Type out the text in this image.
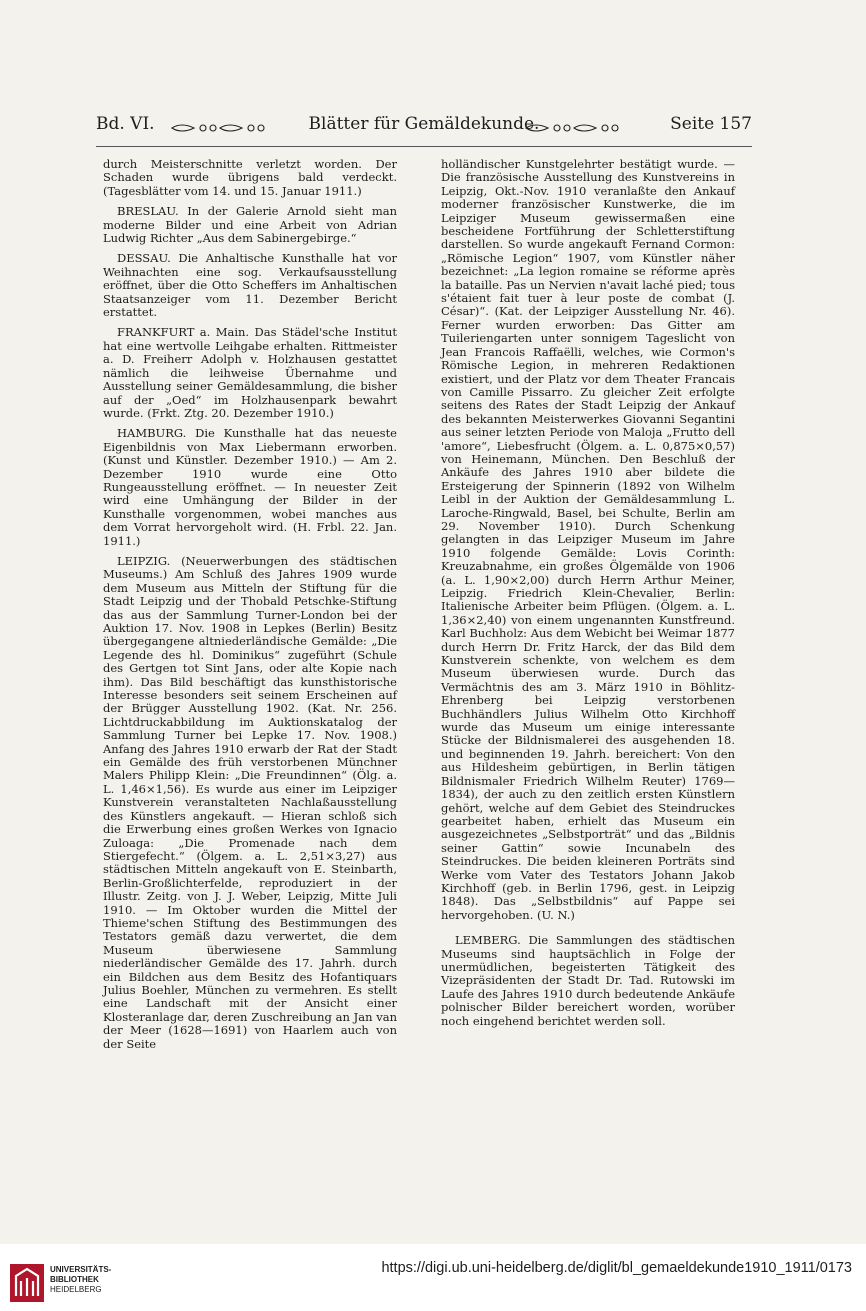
Bd. VI.	Blätter für Gemäldekunde.	Seite 157

durch Meisterschnitte verletzt worden. Der Schaden wurde übrigens bald verdeckt. (Tagesblätter vom 14. und 15. Januar 1911.)

BRESLAU. In der Galerie Arnold sieht man moderne Bilder und eine Arbeit von Adrian Ludwig Richter „Aus dem Sabinergebirge.“

DESSAU. Die Anhaltische Kunsthalle hat vor Weihnachten eine sog. Verkaufsausstellung eröffnet, über die Otto Scheffers im Anhaltischen Staatsanzeiger vom 11. Dezember Bericht erstattet.

FRANKFURT a. Main. Das Städel'sche Institut hat eine wertvolle Leihgabe erhalten. Rittmeister a. D. Freiherr Adolph v. Holzhausen gestattet nämlich die leihweise Übernahme und Ausstellung seiner Gemäldesammlung, die bisher auf der „Oed“ im Holzhausenpark bewahrt wurde. (Frkt. Ztg. 20. Dezember 1910.)

HAMBURG. Die Kunsthalle hat das neueste Eigenbildnis von Max Liebermann erworben. (Kunst und Künstler. Dezember 1910.) — Am 2. Dezember 1910 wurde eine Otto Rungeausstellung eröffnet. — In neuester Zeit wird eine Umhängung der Bilder in der Kunsthalle vorgenommen, wobei manches aus dem Vorrat hervorgeholt wird. (H. Frbl. 22. Jan. 1911.)

LEIPZIG. (Neuerwerbungen des städtischen Museums.) Am Schluß des Jahres 1909 wurde dem Museum aus Mitteln der Stiftung für die Stadt Leipzig und der Thobald Petschke-Stiftung das aus der Sammlung Turner-London bei der Auktion 17. Nov. 1908 in Lepkes (Berlin) Besitz übergegangene altniederländische Gemälde: „Die Legende des hl. Dominikus“ zugeführt (Schule des Gertgen tot Sint Jans, oder alte Kopie nach ihm). Das Bild beschäftigt das kunsthistorische Interesse besonders seit seinem Erscheinen auf der Brügger Ausstellung 1902. (Kat. Nr. 256. Lichtdruckabbildung im Auktionskatalog der Sammlung Turner bei Lepke 17. Nov. 1908.) Anfang des Jahres 1910 erwarb der Rat der Stadt ein Gemälde des früh verstorbenen Münchner Malers Philipp Klein: „Die Freundinnen“ (Ölg. a. L. 1,46×1,56). Es wurde aus einer im Leipziger Kunstverein veranstalteten Nachlaßausstellung des Künstlers angekauft. — Hieran schloß sich die Erwerbung eines großen Werkes von Ignacio Zuloaga: „Die Promenade nach dem Stiergefecht.“ (Ölgem. a. L. 2,51×3,27) aus städtischen Mitteln angekauft von E. Steinbarth, Berlin-Großlichterfelde, reproduziert in der Illustr. Zeitg. von J. J. Weber, Leipzig, Mitte Juli 1910. — Im Oktober wurden die Mittel der Thieme'schen Stiftung des Bestimmungen des Testators gemäß dazu verwertet, die dem Museum überwiesene Sammlung niederländischer Gemälde des 17. Jahrh. durch ein Bildchen aus dem Besitz des Hofantiquars Julius Boehler, München zu vermehren. Es stellt eine Landschaft mit der Ansicht einer Klosteranlage dar, deren Zuschreibung an Jan van der Meer (1628—1691) von Haarlem auch von der Seite

holländischer Kunstgelehrter bestätigt wurde. — Die französische Ausstellung des Kunstvereins in Leipzig, Okt.-Nov. 1910 veranlaßte den Ankauf moderner französischer Kunstwerke, die im Leipziger Museum gewissermaßen eine bescheidene Fortführung der Schletterstiftung darstellen. So wurde angekauft Fernand Cormon: „Römische Legion“ 1907, vom Künstler näher bezeichnet: „La legion romaine se réforme après la bataille. Pas un Nervien n'avait laché pied; tous s'étaient fait tuer à leur poste de combat (J. César)“. (Kat. der Leipziger Ausstellung Nr. 46). Ferner wurden erworben: Das Gitter am Tuileriengarten unter sonnigem Tageslicht von Jean Francois Raffaëlli, welches, wie Cormon's Römische Legion, in mehreren Redaktionen existiert, und der Platz vor dem Theater Francais von Camille Pissarro. Zu gleicher Zeit erfolgte seitens des Rates der Stadt Leipzig der Ankauf des bekannten Meisterwerkes Giovanni Segantini aus seiner letzten Periode von Maloja „Frutto dell 'amore“, Liebesfrucht (Ölgem. a. L. 0,875×0,57) von Heinemann, München. Den Beschluß der Ankäufe des Jahres 1910 aber bildete die Ersteigerung der Spinnerin (1892 von Wilhelm Leibl in der Auktion der Gemäldesammlung L. Laroche-Ringwald, Basel, bei Schulte, Berlin am 29. November 1910). Durch Schenkung gelangten in das Leipziger Museum im Jahre 1910 folgende Gemälde: Lovis Corinth: Kreuzabnahme, ein großes Ölgemälde von 1906 (a. L. 1,90×2,00) durch Herrn Arthur Meiner, Leipzig. Friedrich Klein-Chevalier, Berlin: Italienische Arbeiter beim Pflügen. (Ölgem. a. L. 1,36×2,40) von einem ungenannten Kunstfreund. Karl Buchholz: Aus dem Webicht bei Weimar 1877 durch Herrn Dr. Fritz Harck, der das Bild dem Kunstverein schenkte, von welchem es dem Museum überwiesen wurde. Durch das Vermächtnis des am 3. März 1910 in Böhlitz-Ehrenberg bei Leipzig verstorbenen Buchhändlers Julius Wilhelm Otto Kirchhoff wurde das Museum um einige interessante Stücke der Bildnismalerei des ausgehenden 18. und beginnenden 19. Jahrh. bereichert: Von den aus Hildesheim gebürtigen, in Berlin tätigen Bildnismaler Friedrich Wilhelm Reuter) 1769—1834), der auch zu den zeitlich ersten Künstlern gehört, welche auf dem Gebiet des Steindruckes gearbeitet haben, erhielt das Museum ein ausgezeichnetes „Selbstporträt“ und das „Bildnis seiner Gattin“ sowie Incunabeln des Steindruckes. Die beiden kleineren Porträts sind Werke vom Vater des Testators Johann Jakob Kirchhoff (geb. in Berlin 1796, gest. in Leipzig 1848). Das „Selbstbildnis“ auf Pappe sei hervorgehoben. (U. N.)

LEMBERG. Die Sammlungen des städtischen Museums sind hauptsächlich in Folge der unermüdlichen, begeisterten Tätigkeit des Vizepräsidenten der Stadt Dr. Tad. Rutowski im Laufe des Jahres 1910 durch bedeutende Ankäufe polnischer Bilder bereichert worden, worüber noch eingehend berichtet werden soll.

UNIVERSITÄTS-
BIBLIOTHEK
HEIDELBERG
https://digi.ub.uni-heidelberg.de/diglit/bl_gemaeldekunde1910_1911/0173
